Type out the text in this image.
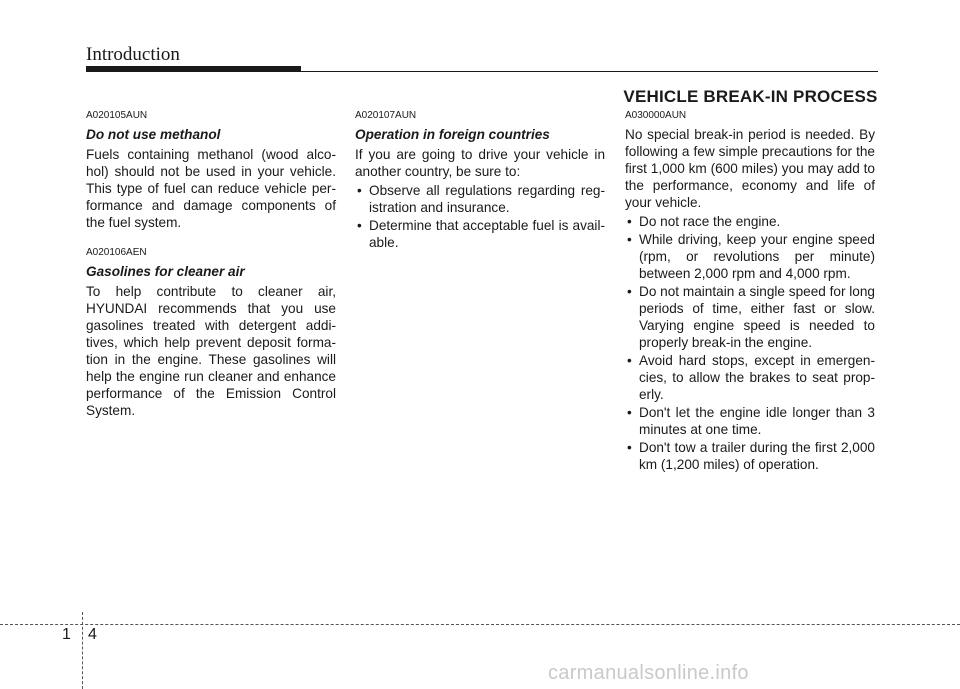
Introduction
VEHICLE BREAK-IN PROCESS
A020105AUN
Do not use methanol

Fuels containing methanol (wood alco-hol) should not be used in your vehicle. This type of fuel can reduce vehicle per-formance and damage components of the fuel system.

A020106AEN
Gasolines for cleaner air

To help contribute to cleaner air, HYUNDAI recommends that you use gasolines treated with detergent addi-tives, which help prevent deposit forma-tion in the engine. These gasolines will help the engine run cleaner and enhance performance of the Emission Control System.

A020107AUN
Operation in foreign countries

If you are going to drive your vehicle in another country, be sure to:

• Observe all regulations regarding reg-istration and insurance.
• Determine that acceptable fuel is avail-able.
A030000AUN

No special break-in period is needed. By following a few simple precautions for the first 1,000 km (600 miles) you may add to the performance, economy and life of your vehicle.

• Do not race the engine.
• While driving, keep your engine speed (rpm, or revolutions per minute) between 2,000 rpm and 4,000 rpm.
• Do not maintain a single speed for long periods of time, either fast or slow. Varying engine speed is needed to properly break-in the engine.
• Avoid hard stops, except in emergen-cies, to allow the brakes to seat prop-erly.
• Don't let the engine idle longer than 3 minutes at one time.
• Don't tow a trailer during the first 2,000 km (1,200 miles) of operation.
1 4
carmanualsonline.info
